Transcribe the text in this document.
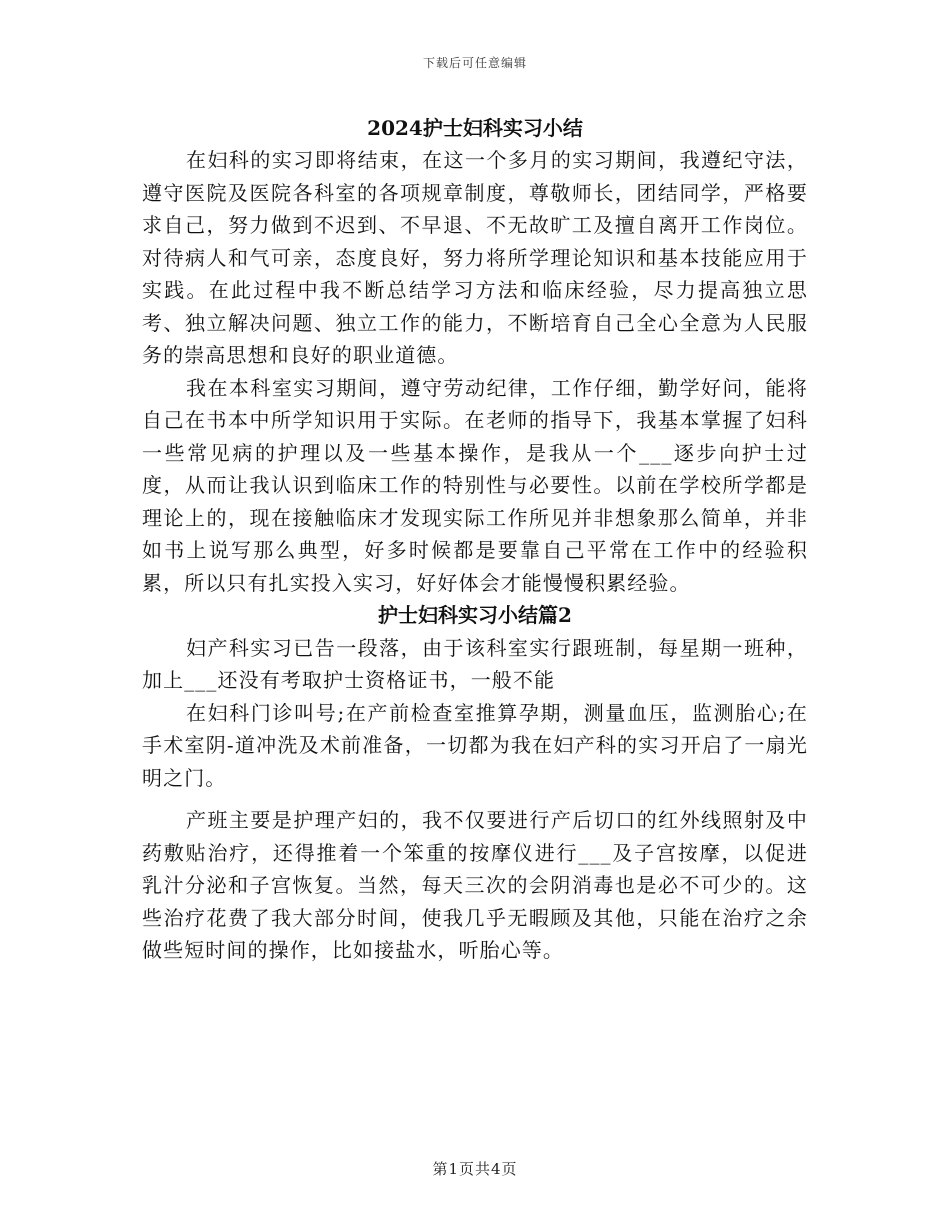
下载后可任意编辑
2024护士妇科实习小结

在妇科的实习即将结束，在这一个多月的实习期间，我遵纪守法，遵守医院及医院各科室的各项规章制度，尊敬师长，团结同学，严格要求自己，努力做到不迟到、不早退、不无故旷工及擅自离开工作岗位。对待病人和气可亲，态度良好，努力将所学理论知识和基本技能应用于实践。在此过程中我不断总结学习方法和临床经验，尽力提高独立思考、独立解决问题、独立工作的能力，不断培育自己全心全意为人民服务的崇高思想和良好的职业道德。

我在本科室实习期间，遵守劳动纪律，工作仔细，勤学好问，能将自己在书本中所学知识用于实际。在老师的指导下，我基本掌握了妇科一些常见病的护理以及一些基本操作，是我从一个___逐步向护士过度，从而让我认识到临床工作的特别性与必要性。以前在学校所学都是理论上的，现在接触临床才发现实际工作所见并非想象那么简单，并非如书上说写那么典型，好多时候都是要靠自己平常在工作中的经验积累，所以只有扎实投入实习，好好体会才能慢慢积累经验。

护士妇科实习小结篇2

妇产科实习已告一段落，由于该科室实行跟班制，每星期一班种，加上___还没有考取护士资格证书，一般不能

在妇科门诊叫号;在产前检查室推算孕期，测量血压，监测胎心;在手术室阴-道冲洗及术前准备，一切都为我在妇产科的实习开启了一扇光明之门。

产班主要是护理产妇的，我不仅要进行产后切口的红外线照射及中药敷贴治疗，还得推着一个笨重的按摩仪进行___及子宫按摩，以促进乳汁分泌和子宫恢复。当然，每天三次的会阴消毒也是必不可少的。这些治疗花费了我大部分时间，使我几乎无暇顾及其他，只能在治疗之余做些短时间的操作，比如接盐水，听胎心等。

第1页共4页
